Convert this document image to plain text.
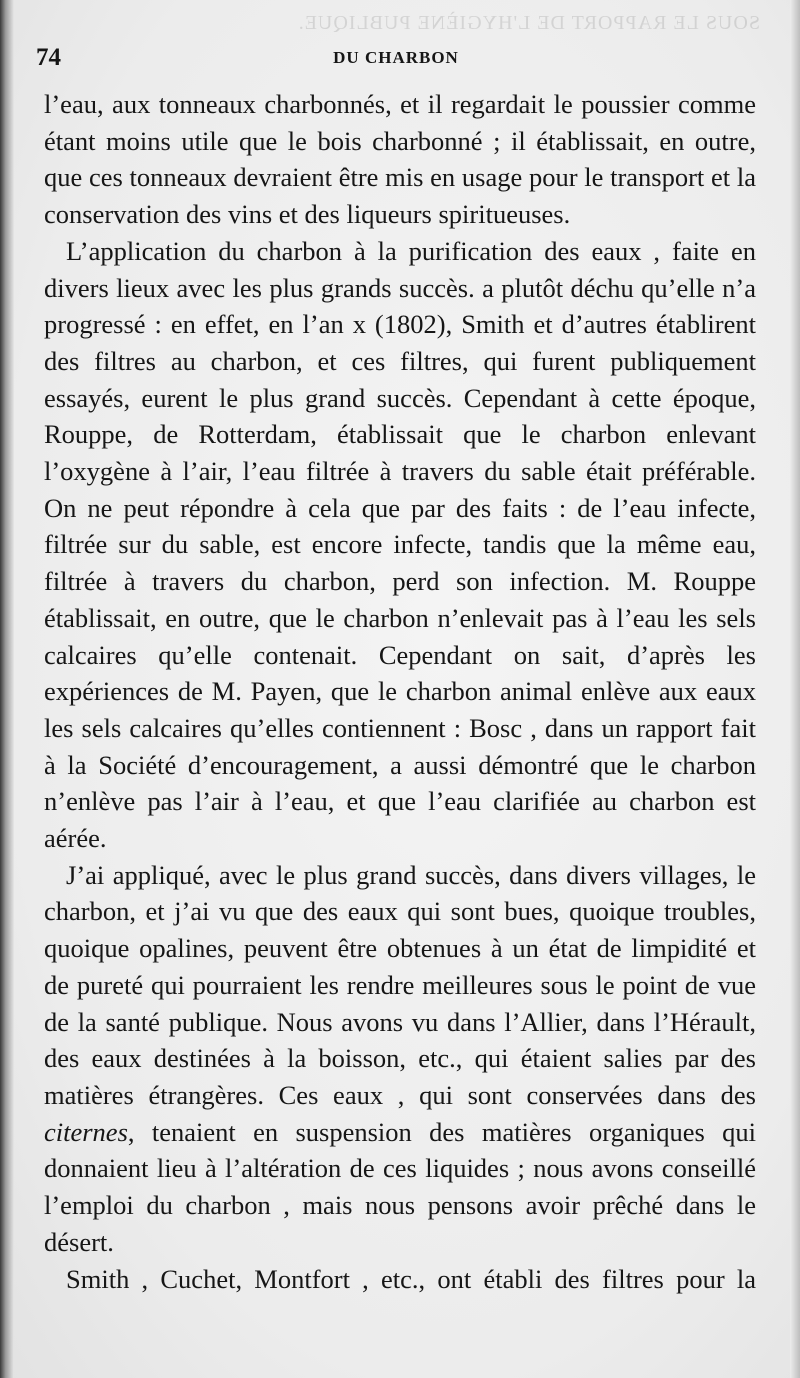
SOUS LE RAPPORT DE L'HYGIÈNE PUBLIQUE.
74	DU CHARBON

l’eau, aux tonneaux charbonnés, et il regardait le poussier comme étant moins utile que le bois charbonné ; il établissait, en outre, que ces tonneaux devraient être mis en usage pour le transport et la conservation des vins et des liqueurs spiritueuses.

L’application du charbon à la purification des eaux , faite en divers lieux avec les plus grands succès. a plutôt déchu qu’elle n’a progressé : en effet, en l’an x (1802), Smith et d’autres établirent des filtres au charbon, et ces filtres, qui furent publiquement essayés, eurent le plus grand succès. Cependant à cette époque, Rouppe, de Rotterdam, établissait que le charbon enlevant l’oxygène à l’air, l’eau filtrée à travers du sable était préférable. On ne peut répondre à cela que par des faits : de l’eau infecte, filtrée sur du sable, est encore infecte, tandis que la même eau, filtrée à travers du charbon, perd son infection. M. Rouppe établissait, en outre, que le charbon n’enlevait pas à l’eau les sels calcaires qu’elle contenait. Cependant on sait, d’après les expériences de M. Payen, que le charbon animal enlève aux eaux les sels calcaires qu’elles contiennent : Bosc , dans un rapport fait à la Société d’encouragement, a aussi démontré que le charbon n’enlève pas l’air à l’eau, et que l’eau clarifiée au charbon est aérée.

J’ai appliqué, avec le plus grand succès, dans divers villages, le charbon, et j’ai vu que des eaux qui sont bues, quoique troubles, quoique opalines, peuvent être obtenues à un état de limpidité et de pureté qui pourraient les rendre meilleures sous le point de vue de la santé publique. Nous avons vu dans l’Allier, dans l’Hérault, des eaux destinées à la boisson, etc., qui étaient salies par des matières étrangères. Ces eaux , qui sont conservées dans des citernes, tenaient en suspension des matières organiques qui donnaient lieu à l’altération de ces liquides ; nous avons conseillé l’emploi du charbon , mais nous pensons avoir prêché dans le désert.

Smith , Cuchet, Montfort , etc., ont établi des filtres pour la
